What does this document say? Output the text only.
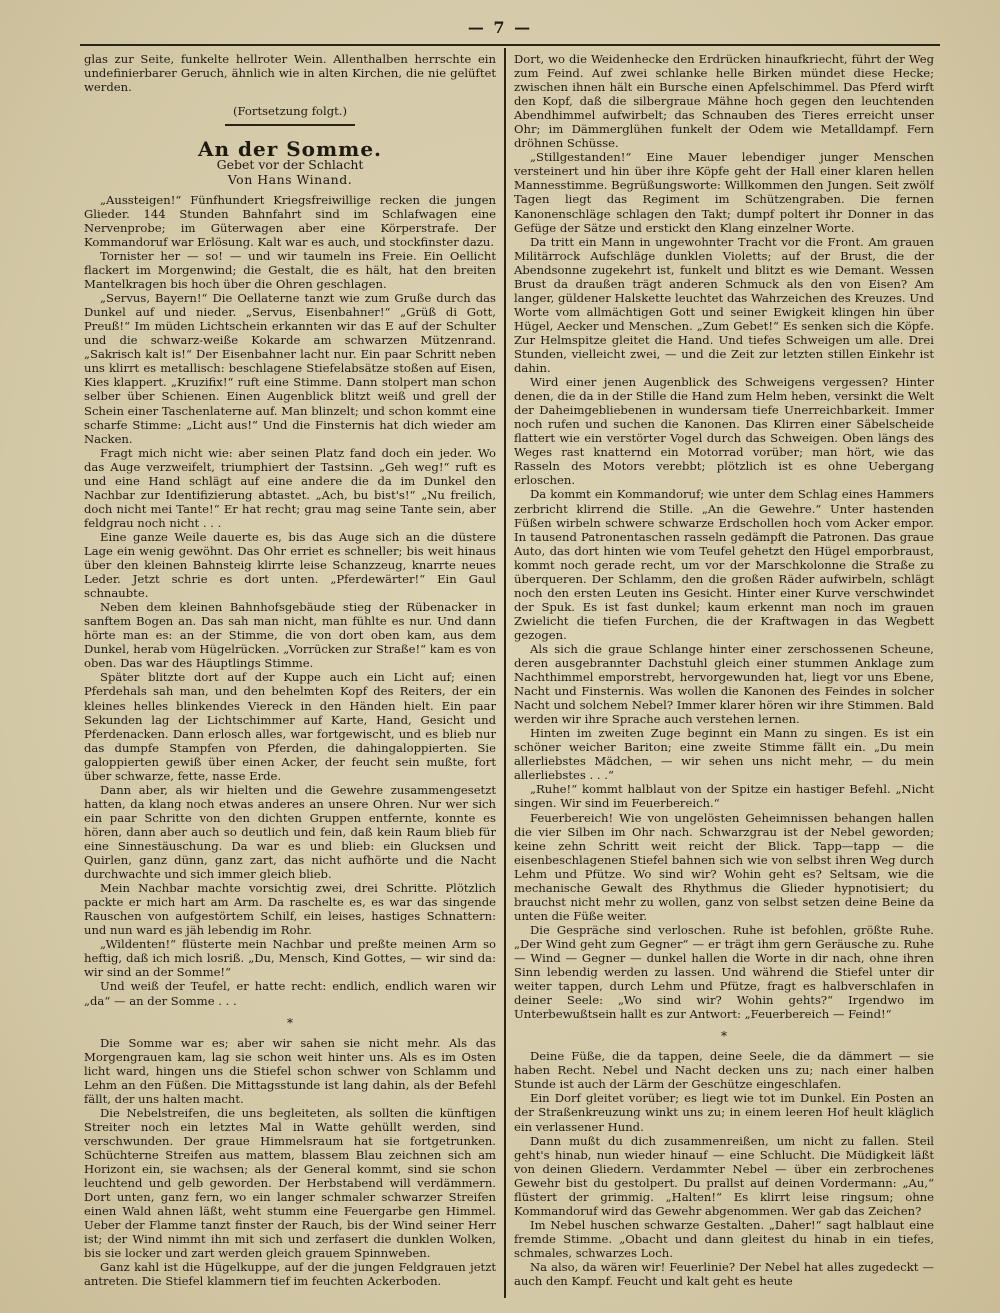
— 7 —

glas zur Seite, funkelte hellroter Wein. Allenthalben herrschte ein undefinierbarer Geruch, ähnlich wie in alten Kirchen, die nie gelüftet werden.

(Fortsetzung folgt.)

An der Somme.

Gebet vor der Schlacht

Von Hans Winand.

„Aussteigen!“ Fünfhundert Kriegsfreiwillige recken die jungen Glieder. 144 Stunden Bahnfahrt sind im Schlafwagen eine Nervenprobe; im Güterwagen aber eine Körperstrafe. Der Kommandoruf war Erlösung. Kalt war es auch, und stockfinster dazu.

Tornister her — so! — und wir taumeln ins Freie. Ein Oellicht flackert im Morgenwind; die Gestalt, die es hält, hat den breiten Mantelkragen bis hoch über die Ohren geschlagen.

„Servus, Bayern!“ Die Oellaterne tanzt wie zum Gruße durch das Dunkel auf und nieder. „Servus, Eisenbahner!“ „Grüß di Gott, Preuß!“ Im müden Lichtschein erkannten wir das E auf der Schulter und die schwarz-weiße Kokarde am schwarzen Mützenrand. „Sakrisch kalt is!“ Der Eisenbahner lacht nur. Ein paar Schritt neben uns klirrt es metallisch: beschlagene Stiefelabsätze stoßen auf Eisen, Kies klappert. „Kruzifix!“ ruft eine Stimme. Dann stolpert man schon selber über Schienen. Einen Augenblick blitzt weiß und grell der Schein einer Taschenlaterne auf. Man blinzelt; und schon kommt eine scharfe Stimme: „Licht aus!“ Und die Finsternis hat dich wieder am Nacken.

Fragt mich nicht wie: aber seinen Platz fand doch ein jeder. Wo das Auge verzweifelt, triumphiert der Tastsinn. „Geh weg!“ ruft es und eine Hand schlägt auf eine andere die da im Dunkel den Nachbar zur Identifizierung abtastet. „Ach, bu bist's!“ „Nu freilich, doch nicht mei Tante!“ Er hat recht; grau mag seine Tante sein, aber feldgrau noch nicht . . .

Eine ganze Weile dauerte es, bis das Auge sich an die düstere Lage ein wenig gewöhnt. Das Ohr erriet es schneller; bis weit hinaus über den kleinen Bahnsteig klirrte leise Schanzzeug, knarrte neues Leder. Jetzt schrie es dort unten. „Pferdewärter!“ Ein Gaul schnaubte.

Neben dem kleinen Bahnhofsgebäude stieg der Rübenacker in sanftem Bogen an. Das sah man nicht, man fühlte es nur. Und dann hörte man es: an der Stimme, die von dort oben kam, aus dem Dunkel, herab vom Hügelrücken. „Vorrücken zur Straße!“ kam es von oben. Das war des Häuptlings Stimme.

Später blitzte dort auf der Kuppe auch ein Licht auf; einen Pferdehals sah man, und den behelmten Kopf des Reiters, der ein kleines helles blinkendes Viereck in den Händen hielt. Ein paar Sekunden lag der Lichtschimmer auf Karte, Hand, Gesicht und Pferdenacken. Dann erlosch alles, war fortgewischt, und es blieb nur das dumpfe Stampfen von Pferden, die dahingaloppierten. Sie galoppierten gewiß über einen Acker, der feucht sein mußte, fort über schwarze, fette, nasse Erde.

Dann aber, als wir hielten und die Gewehre zusammengesetzt hatten, da klang noch etwas anderes an unsere Ohren. Nur wer sich ein paar Schritte von den dichten Gruppen entfernte, konnte es hören, dann aber auch so deutlich und fein, daß kein Raum blieb für eine Sinnestäuschung. Da war es und blieb: ein Glucksen und Quirlen, ganz dünn, ganz zart, das nicht aufhörte und die Nacht durchwachte und sich immer gleich blieb.

Mein Nachbar machte vorsichtig zwei, drei Schritte. Plötzlich packte er mich hart am Arm. Da raschelte es, es war das singende Rauschen von aufgestörtem Schilf, ein leises, hastiges Schnattern: und nun ward es jäh lebendig im Rohr.

„Wildenten!“ flüsterte mein Nachbar und preßte meinen Arm so heftig, daß ich mich losriß. „Du, Mensch, Kind Gottes, — wir sind da: wir sind an der Somme!“

Und weiß der Teufel, er hatte recht: endlich, endlich waren wir „da“ — an der Somme . . .

*

Die Somme war es; aber wir sahen sie nicht mehr. Als das Morgengrauen kam, lag sie schon weit hinter uns. Als es im Osten licht ward, hingen uns die Stiefel schon schwer von Schlamm und Lehm an den Füßen. Die Mittagsstunde ist lang dahin, als der Befehl fällt, der uns halten macht.

Die Nebelstreifen, die uns begleiteten, als sollten die künftigen Streiter noch ein letztes Mal in Watte gehüllt werden, sind verschwunden. Der graue Himmelsraum hat sie fortgetrunken. Schüchterne Streifen aus mattem, blassem Blau zeichnen sich am Horizont ein, sie wachsen; als der General kommt, sind sie schon leuchtend und gelb geworden. Der Herbstabend will verdämmern. Dort unten, ganz fern, wo ein langer schmaler schwarzer Streifen einen Wald ahnen läßt, weht stumm eine Feuergarbe gen Himmel. Ueber der Flamme tanzt finster der Rauch, bis der Wind seiner Herr ist; der Wind nimmt ihn mit sich und zerfasert die dunklen Wolken, bis sie locker und zart werden gleich grauem Spinnweben.

Ganz kahl ist die Hügelkuppe, auf der die jungen Feldgrauen jetzt antreten. Die Stiefel klammern tief im feuchten Ackerboden.

Dort, wo die Weidenhecke den Erdrücken hinaufkriecht, führt der Weg zum Feind. Auf zwei schlanke helle Birken mündet diese Hecke; zwischen ihnen hält ein Bursche einen Apfelschimmel. Das Pferd wirft den Kopf, daß die silbergraue Mähne hoch gegen den leuchtenden Abendhimmel aufwirbelt; das Schnauben des Tieres erreicht unser Ohr; im Dämmerglühen funkelt der Odem wie Metalldampf. Fern dröhnen Schüsse.

„Stillgestanden!“ Eine Mauer lebendiger junger Menschen versteinert und hin über ihre Köpfe geht der Hall einer klaren hellen Mannesstimme. Begrüßungsworte: Willkommen den Jungen. Seit zwölf Tagen liegt das Regiment im Schützengraben. Die fernen Kanonenschläge schlagen den Takt; dumpf poltert ihr Donner in das Gefüge der Sätze und erstickt den Klang einzelner Worte.

Da tritt ein Mann in ungewohnter Tracht vor die Front. Am grauen Militärrock Aufschläge dunklen Violetts; auf der Brust, die der Abendsonne zugekehrt ist, funkelt und blitzt es wie Demant. Wessen Brust da draußen trägt anderen Schmuck als den von Eisen? Am langer, güldener Halskette leuchtet das Wahrzeichen des Kreuzes. Und Worte vom allmächtigen Gott und seiner Ewigkeit klingen hin über Hügel, Aecker und Menschen. „Zum Gebet!“ Es senken sich die Köpfe. Zur Helmspitze gleitet die Hand. Und tiefes Schweigen um alle. Drei Stunden, vielleicht zwei, — und die Zeit zur letzten stillen Einkehr ist dahin.

Wird einer jenen Augenblick des Schweigens vergessen? Hinter denen, die da in der Stille die Hand zum Helm heben, versinkt die Welt der Daheimgebliebenen in wundersam tiefe Unerreichbarkeit. Immer noch rufen und suchen die Kanonen. Das Klirren einer Säbelscheide flattert wie ein verstörter Vogel durch das Schweigen. Oben längs des Weges rast knatternd ein Motorrad vorüber; man hört, wie das Rasseln des Motors verebbt; plötzlich ist es ohne Uebergang erloschen.

Da kommt ein Kommandoruf; wie unter dem Schlag eines Hammers zerbricht klirrend die Stille. „An die Gewehre.“ Unter hastenden Füßen wirbeln schwere schwarze Erdschollen hoch vom Acker empor. In tausend Patronentaschen rasseln gedämpft die Patronen. Das graue Auto, das dort hinten wie vom Teufel gehetzt den Hügel emporbraust, kommt noch gerade recht, um vor der Marschkolonne die Straße zu überqueren. Der Schlamm, den die großen Räder aufwirbeln, schlägt noch den ersten Leuten ins Gesicht. Hinter einer Kurve verschwindet der Spuk. Es ist fast dunkel; kaum erkennt man noch im grauen Zwielicht die tiefen Furchen, die der Kraftwagen in das Wegbett gezogen.

Als sich die graue Schlange hinter einer zerschossenen Scheune, deren ausgebrannter Dachstuhl gleich einer stummen Anklage zum Nachthimmel emporstrebt, hervorgewunden hat, liegt vor uns Ebene, Nacht und Finsternis. Was wollen die Kanonen des Feindes in solcher Nacht und solchem Nebel? Immer klarer hören wir ihre Stimmen. Bald werden wir ihre Sprache auch verstehen lernen.

Hinten im zweiten Zuge beginnt ein Mann zu singen. Es ist ein schöner weicher Bariton; eine zweite Stimme fällt ein. „Du mein allerliebstes Mädchen, — wir sehen uns nicht mehr, — du mein allerliebstes . . .“

„Ruhe!“ kommt halblaut von der Spitze ein hastiger Befehl. „Nicht singen. Wir sind im Feuerbereich.“

Feuerbereich! Wie von ungelösten Geheimnissen behangen hallen die vier Silben im Ohr nach. Schwarzgrau ist der Nebel geworden; keine zehn Schritt weit reicht der Blick. Tapp—tapp — die eisenbeschlagenen Stiefel bahnen sich wie von selbst ihren Weg durch Lehm und Pfütze. Wo sind wir? Wohin geht es? Seltsam, wie die mechanische Gewalt des Rhythmus die Glieder hypnotisiert; du brauchst nicht mehr zu wollen, ganz von selbst setzen deine Beine da unten die Füße weiter.

Die Gespräche sind verloschen. Ruhe ist befohlen, größte Ruhe. „Der Wind geht zum Gegner“ — er trägt ihm gern Geräusche zu. Ruhe — Wind — Gegner — dunkel hallen die Worte in dir nach, ohne ihren Sinn lebendig werden zu lassen. Und während die Stiefel unter dir weiter tappen, durch Lehm und Pfütze, fragt es halbverschlafen in deiner Seele: „Wo sind wir? Wohin gehts?“ Irgendwo im Unterbewußtsein hallt es zur Antwort: „Feuerbereich — Feind!“

*

Deine Füße, die da tappen, deine Seele, die da dämmert — sie haben Recht. Nebel und Nacht decken uns zu; nach einer halben Stunde ist auch der Lärm der Geschütze eingeschlafen.

Ein Dorf gleitet vorüber; es liegt wie tot im Dunkel. Ein Posten an der Straßenkreuzung winkt uns zu; in einem leeren Hof heult kläglich ein verlassener Hund.

Dann mußt du dich zusammenreißen, um nicht zu fallen. Steil geht's hinab, nun wieder hinauf — eine Schlucht. Die Müdigkeit läßt von deinen Gliedern. Verdammter Nebel — über ein zerbrochenes Gewehr bist du gestolpert. Du prallst auf deinen Vordermann: „Au,“ flüstert der grimmig. „Halten!“ Es klirrt leise ringsum; ohne Kommandoruf wird das Gewehr abgenommen. Wer gab das Zeichen?

Im Nebel huschen schwarze Gestalten. „Daher!“ sagt halblaut eine fremde Stimme. „Obacht und dann gleitest du hinab in ein tiefes, schmales, schwarzes Loch.

Na also, da wären wir! Feuerlinie? Der Nebel hat alles zugedeckt — auch den Kampf. Feucht und kalt geht es heute
